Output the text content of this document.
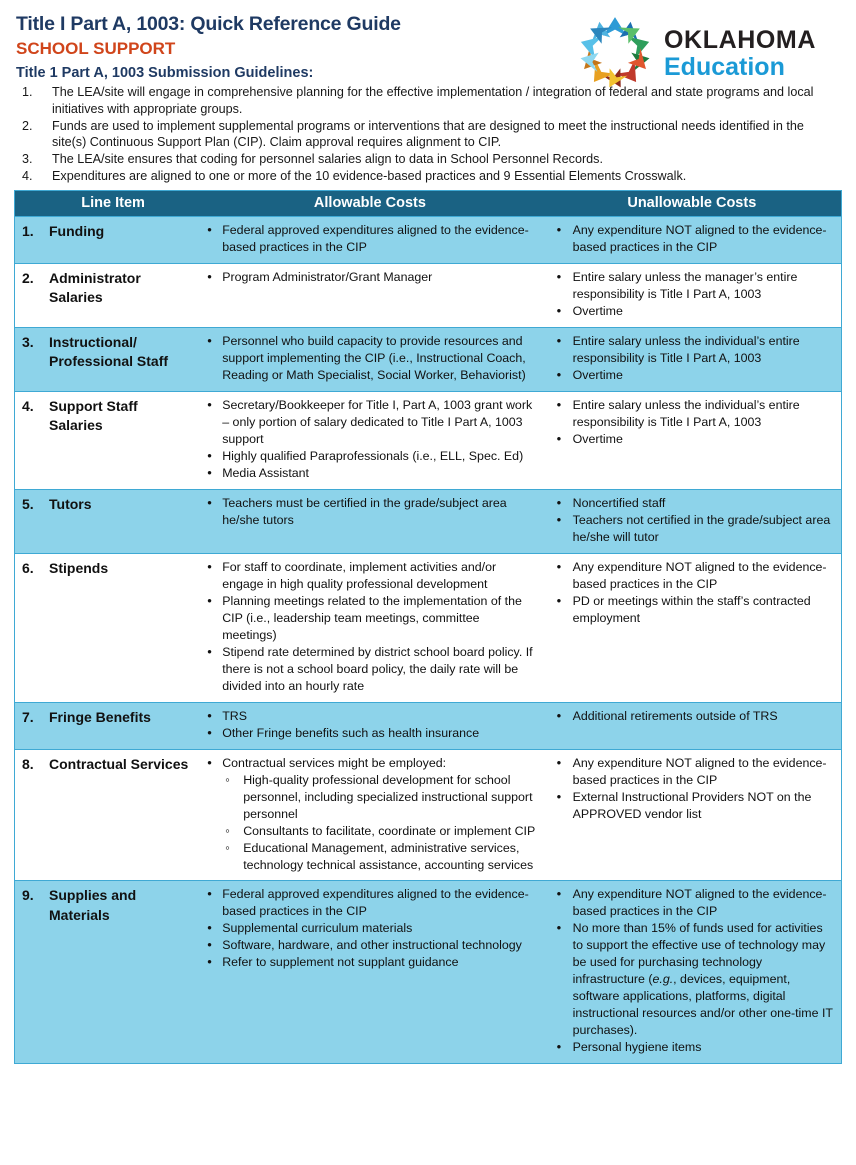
OKLAHOMA
Education
Title I Part A, 1003: Quick Reference Guide
SCHOOL SUPPORT
Title 1 Part A, 1003 Submission Guidelines:
The LEA/site will engage in comprehensive planning for the effective implementation / integration of federal and state programs and local initiatives with appropriate groups.
Funds are used to implement supplemental programs or interventions that are designed to meet the instructional needs identified in the site(s) Continuous Support Plan (CIP). Claim approval requires alignment to CIP.
The LEA/site ensures that coding for personnel salaries align to data in School Personnel Records.
Expenditures are aligned to one or more of the 10 evidence-based practices and 9 Essential Elements Crosswalk.
Line Item	Allowable Costs	Unallowable Costs

1. Funding

•Federal approved expenditures aligned to the evidence-based practices in the CIP

• Any expenditure NOT aligned to the evidence-based practices in the CIP

2. Administrator Salaries

• Program Administrator/Grant Manager

•Entire salary unless the manager’s entire responsibility is Title I Part A, 1003
• Overtime

3. Instructional/ Professional Staff

• Personnel who build capacity to provide resources and support implementing the CIP (i.e., Instructional Coach, Reading or Math Specialist, Social Worker, Behaviorist)

• Entire salary unless the individual’s entire responsibility is Title I Part A, 1003
• Overtime

4. Support Staff Salaries

• Secretary/Bookkeeper for Title I, Part A, 1003 grant work – only portion of salary dedicated to Title I Part A, 1003 support
• Highly qualified Paraprofessionals (i.e., ELL, Spec. Ed)
• Media Assistant

• Entire salary unless the individual’s entire responsibility is Title I Part A, 1003
• Overtime

5. Tutors

•Teachers must be certified in the grade/subject area he/she tutors

• Noncertified staff
• Teachers not certified in the grade/subject area he/she will tutor

6. Stipends

•For staff to coordinate, implement activities and/or engage in high quality professional development
• Planning meetings related to the implementation of the CIP (i.e., leadership team meetings, committee meetings)
• Stipend rate determined by district school board policy. If there is not a school board policy, the daily rate will be divided into an hourly rate

• Any expenditure NOT aligned to the evidence-based practices in the CIP
• PD or meetings within the staff’s contracted employment

7. Fringe Benefits

•TRS
• Other Fringe benefits such as health insurance

• Additional retirements outside of TRS

8. Contractual Services

•Contractual services might be employed:
◦ High-quality professional development for school personnel, including specialized instructional support personnel
◦ Consultants to facilitate, coordinate or implement CIP
◦ Educational Management, administrative services, technology technical assistance, accounting services

• Any expenditure NOT aligned to the evidence-based practices in the CIP
• External Instructional Providers NOT on the APPROVED vendor list

9. Supplies and Materials

• Federal approved expenditures aligned to the evidence-based practices in the CIP
• Supplemental curriculum materials
• Software, hardware, and other instructional technology
• Refer to supplement not supplant guidance

• Any expenditure NOT aligned to the evidence-based practices in the CIP
• No more than 15% of funds used for activities to support the effective use of technology may be used for purchasing technology infrastructure (e.g., devices, equipment, software applications, platforms, digital instructional resources and/or other one-time IT purchases).
• Personal hygiene items
